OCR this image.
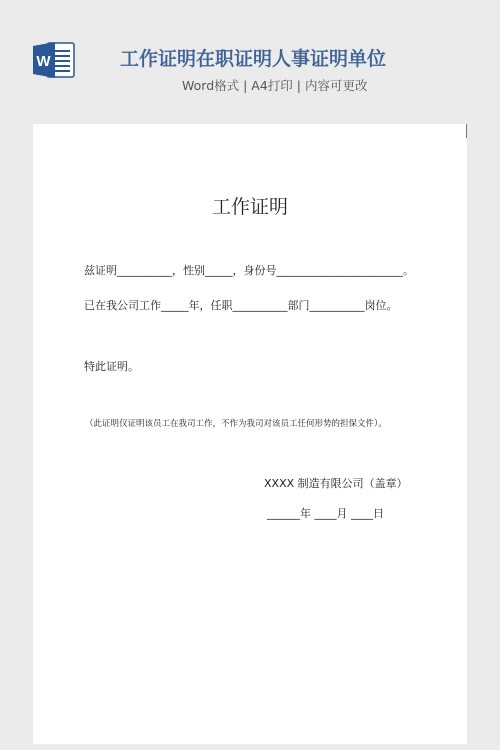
W	工作证明在职证明人事证明单位
Word格式 | A4打印 | 内容可更改
工作证明
兹证明__________，性别_____，身份号_______________________。
已在我公司工作_____年，任职__________部门__________岗位。
特此证明。
（此证明仅证明该员工在我司工作，不作为我司对该员工任何形势的担保文件）。
XXXX 制造有限公司（盖章）
______年 ____月 ____日
